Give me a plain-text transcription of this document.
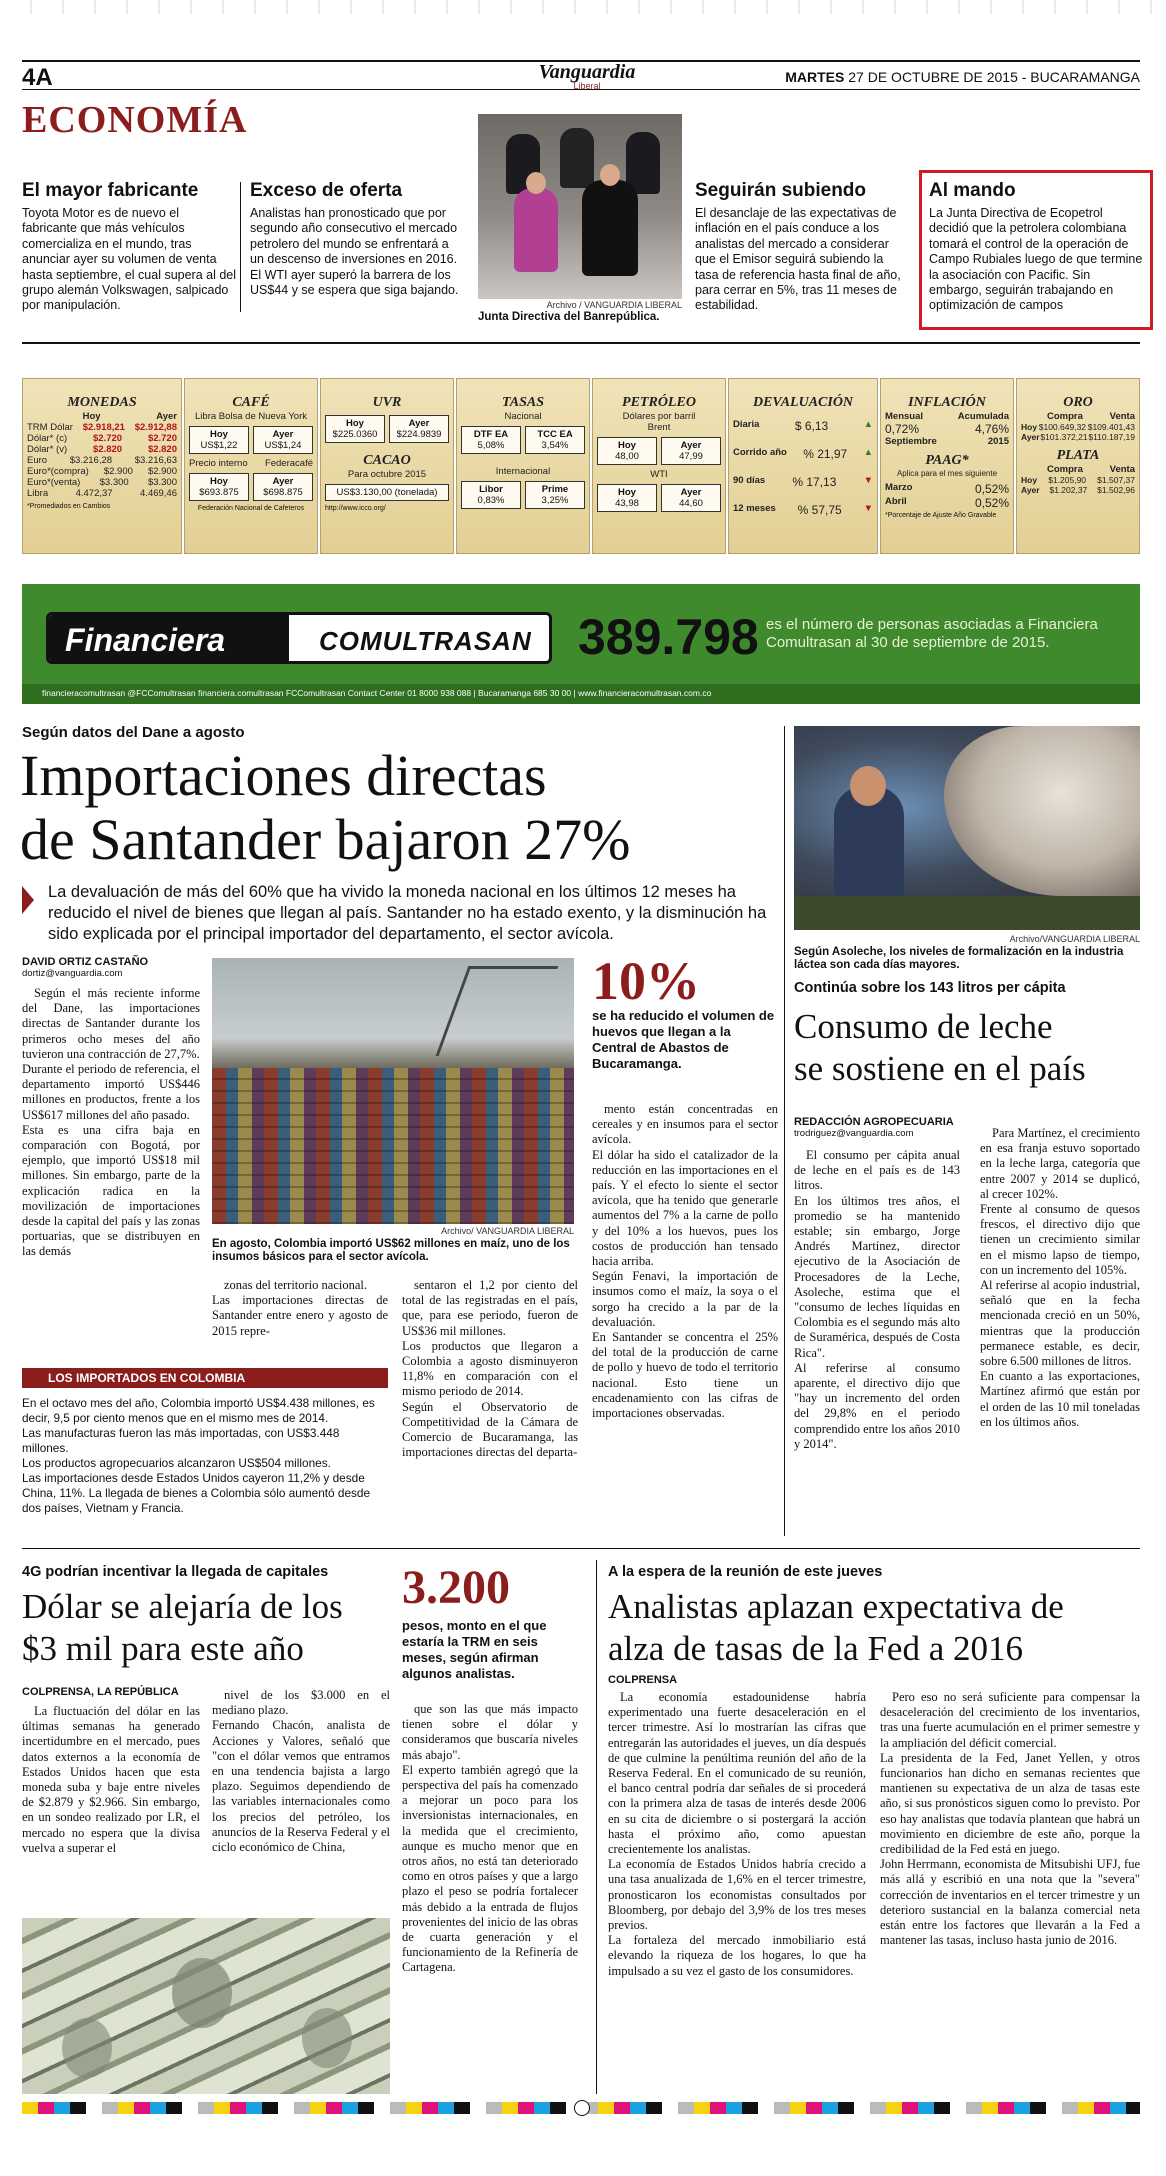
4A	Vanguardia
Liberal
MARTES 27 DE OCTUBRE DE 2015 - BUCARAMANGA
ECONOMÍA
Archivo / VANGUARDIA LIBERAL
Junta Directiva del Banrepública.
El mayor fabricante
Toyota Motor es de nuevo el fabricante que más vehículos comercializa en el mundo, tras anunciar ayer su volumen de venta hasta septiembre, el cual supera al del grupo alemán Volkswagen, salpicado por manipulación.
Exceso de oferta
Analistas han pronosticado que por segundo año consecutivo el mercado petrolero del mundo se enfrentará a un descenso de inversiones en 2016. El WTI ayer superó la barrera de los US$44 y se espera que siga bajando.
Seguirán subiendo
El desanclaje de las expectativas de inflación en el país conduce a los analistas del mercado a considerar que el Emisor seguirá subiendo la tasa de referencia hasta final de año, para cerrar en 5%, tras 11 meses de estabilidad.
Al mando
La Junta Directiva de Ecopetrol decidió que la petrolera colombiana tomará el control de la operación de Campo Rubiales luego de que termine la asociación con Pacific. Sin embargo, seguirán trabajando en optimización de campos
MONEDAS
Hoy	Ayer
TRM Dólar $2.918,21 $2.912,88
Dólar* (c)	$2.720	$2.720
Dólar* (v)	$2.820	$2.820
Euro $3.216,28 $3.216,63
Euro*(compra) $2.900 $2.900
Euro*(venta) $3.300 $3.300
Libra	4.472,37	4.469,46
*Promediados en Cambios
CAFÉ
Libra Bolsa de Nueva York
Hoy
US$1,22
Ayer
US$1,24
Precio interno Federacafé
Hoy
$693.875
Ayer
$698.875
Federación Nacional de Cafeteros
UVR
Hoy
$225.0360
Ayer
$224.9839
CACAO
Para octubre 2015
US$3.130,00 (tonelada)
http://www.icco.org/
TASAS
Nacional
DTF EA
5,08%
TCC EA
3,54%
Internacional
Libor
0,83%
Prime
3,25%
PETRÓLEO
Dólares por barril
Brent
Hoy
48,00
Ayer
47,99
WTI
Hoy
43,98
Ayer
44,60
DEVALUACIÓN
Diaria	$ 6,13	▲
Corrido año % 21,97 ▲
90 días % 17,13	▼
12 meses % 57,75 ▼
INFLACIÓN
Mensual	Acumulada
0,72%	4,76%
Septiembre	2015
PAAG*
Aplica para el mes siguiente
Marzo	0,52%
Abril	0,52%
*Porcentaje de Ajuste Año Gravable
ORO
Compra	Venta
Hoy $100.649,32 $109.401,43
Ayer $101.372,21 $110.187,19
PLATA
Compra	Venta
Hoy $1.205,90 $1.507,37
Ayer $1.202,37 $1.502,96
Financiera	COMULTRASAN 389.798 es el número de personas asociadas a Financiera Comultrasan al 30 de septiembre de 2015.
financieracomultrasan @FCComultrasan financiera.comultrasan FCComultrasan Contact Center 01 8000 938 088 | Bucaramanga 685 30 00 | www.financieracomultrasan.com.co
Según datos del Dane a agosto
Importaciones directas
de Santander bajaron 27%
La devaluación de más del 60% que ha vivido la moneda nacional en los últimos 12 meses ha reducido el nivel de bienes que llegan al país. Santander no ha estado exento, y la disminución ha sido explicada por el principal importador del departamento, el sector avícola.
DAVID ORTIZ CASTAÑO
dortiz@vanguardia.com
Según el más reciente informe del Dane, las importaciones directas de Santander durante los primeros ocho meses del año tuvieron una contracción de 27,7%.
Durante el periodo de referencia, el departamento importó US$446 millones en productos, frente a los US$617 millones del año pasado.
Esta es una cifra baja en comparación con Bogotá, por ejemplo, que importó US$18 mil millones. Sin embargo, parte de la explicación radica en la movilización de importaciones desde la capital del país y las zonas portuarias, que se distribuyen en las demás
Archivo/ VANGUARDIA LIBERAL
En agosto, Colombia importó US$62 millones en maíz, uno de los insumos básicos para el sector avícola.
10%
se ha reducido el volumen de huevos que llegan a la Central de Abastos de Bucaramanga.
mento están concentradas en cereales y en insumos para el sector avícola.
El dólar ha sido el catalizador de la reducción en las importaciones en el país. Y el efecto lo siente el sector avícola, que ha tenido que generarle aumentos del 7% a la carne de pollo y del 10% a los huevos, pues los costos de producción han tensado hacia arriba.
Según Fenavi, la importación de insumos como el maíz, la soya o el sorgo ha crecido a la par de la devaluación.
En Santander se concentra el 25% del total de la producción de carne de pollo y huevo de todo el territorio nacional. Esto tiene un encadenamiento con las cifras de importaciones observadas.
zonas del territorio nacional.
Las importaciones directas de Santander entre enero y agosto de 2015 repre-
sentaron el 1,2 por ciento del total de las registradas en el país, que, para ese periodo, fueron de US$36 mil millones.
Los productos que llegaron a Colombia a agosto disminuyeron 11,8% en comparación con el mismo periodo de 2014.
Según el Observatorio de Competitividad de la Cámara de Comercio de Bucaramanga, las importaciones directas del departa-
LOS IMPORTADOS EN COLOMBIA
En el octavo mes del año, Colombia importó US$4.438 millones, es decir, 9,5 por ciento menos que en el mismo mes de 2014.
Las manufacturas fueron las más importadas, con US$3.448 millones.
Los productos agropecuarios alcanzaron US$504 millones.
Las importaciones desde Estados Unidos cayeron 11,2% y desde China, 11%. La llegada de bienes a Colombia sólo aumentó desde dos países, Vietnam y Francia.
Archivo/VANGUARDIA LIBERAL
Según Asoleche, los niveles de formalización en la industria láctea son cada días mayores.
Continúa sobre los 143 litros per cápita
Consumo de leche
se sostiene en el país
REDACCIÓN AGROPECUARIA
trodriguez@vanguardia.com
El consumo per cápita anual de leche en el país es de 143 litros.
En los últimos tres años, el promedio se ha mantenido estable; sin embargo, Jorge Andrés Martínez, director ejecutivo de la Asociación de Procesadores de la Leche, Asoleche, estima que el "consumo de leches líquidas en Colombia es el segundo más alto de Suramérica, después de Costa Rica".
Al referirse al consumo aparente, el directivo dijo que "hay un incremento del orden del 29,8% en el periodo comprendido entre los años 2010 y 2014".
Para Martínez, el crecimiento en esa franja estuvo soportado en la leche larga, categoría que entre 2007 y 2014 se duplicó, al crecer 102%.
Frente al consumo de quesos frescos, el directivo dijo que tienen un crecimiento similar en el mismo lapso de tiempo, con un incremento del 105%.
Al referirse al acopio industrial, señaló que en la fecha mencionada creció en un 50%, mientras que la producción permanece estable, es decir, sobre 6.500 millones de litros.
En cuanto a las exportaciones, Martínez afirmó que están por el orden de las 10 mil toneladas en los últimos años.
4G podrían incentivar la llegada de capitales
Dólar se alejaría de los
$3 mil para este año
COLPRENSA, LA REPÚBLICA
La fluctuación del dólar en las últimas semanas ha generado incertidumbre en el mercado, pues datos externos a la economía de Estados Unidos hacen que esta moneda suba y baje entre niveles de $2.879 y $2.966. Sin embargo, en un sondeo realizado por LR, el mercado no espera que la divisa vuelva a superar el
nivel de los $3.000 en el mediano plazo.
Fernando Chacón, analista de Acciones y Valores, señaló que "con el dólar vemos que entramos en una tendencia bajista a largo plazo. Seguimos dependiendo de las variables internacionales como los precios del petróleo, los anuncios de la Reserva Federal y el ciclo económico de China,
3.200
pesos, monto en el que estaría la TRM en seis meses, según afirman algunos analistas.
que son las que más impacto tienen sobre el dólar y consideramos que buscaría niveles más abajo".
El experto también agregó que la perspectiva del país ha comenzado a mejorar un poco para los inversionistas internacionales, en la medida que el crecimiento, aunque es mucho menor que en otros años, no está tan deteriorado como en otros países y que a largo plazo el peso se podría fortalecer más debido a la entrada de flujos provenientes del inicio de las obras de cuarta generación y el funcionamiento de la Refinería de Cartagena.
A la espera de la reunión de este jueves
Analistas aplazan expectativa de
alza de tasas de la Fed a 2016
COLPRENSA
La economía estadounidense habría experimentado una fuerte desaceleración en el tercer trimestre. Así lo mostrarían las cifras que entregarán las autoridades el jueves, un día después de que culmine la penúltima reunión del año de la Reserva Federal. En el comunicado de su reunión, el banco central podría dar señales de si procederá con la primera alza de tasas de interés desde 2006 en su cita de diciembre o si postergará la acción hasta el próximo año, como apuestan crecientemente los analistas.
La economía de Estados Unidos habría crecido a una tasa anualizada de 1,6% en el tercer trimestre, pronosticaron los economistas consultados por Bloomberg, por debajo del 3,9% de los tres meses previos.
La fortaleza del mercado inmobiliario está elevando la riqueza de los hogares, lo que ha impulsado a su vez el gasto de los consumidores.
Pero eso no será suficiente para compensar la desaceleración del crecimiento de los inventarios, tras una fuerte acumulación en el primer semestre y la ampliación del déficit comercial.
La presidenta de la Fed, Janet Yellen, y otros funcionarios han dicho en semanas recientes que mantienen su expectativa de un alza de tasas este año, si sus pronósticos siguen como lo previsto. Por eso hay analistas que todavía plantean que habrá un movimiento en diciembre de este año, porque la credibilidad de la Fed está en juego.
John Herrmann, economista de Mitsubishi UFJ, fue más allá y escribió en una nota que la "severa" corrección de inventarios en el tercer trimestre y un deterioro sustancial en la balanza comercial neta están entre los factores que llevarán a la Fed a mantener las tasas, incluso hasta junio de 2016.
